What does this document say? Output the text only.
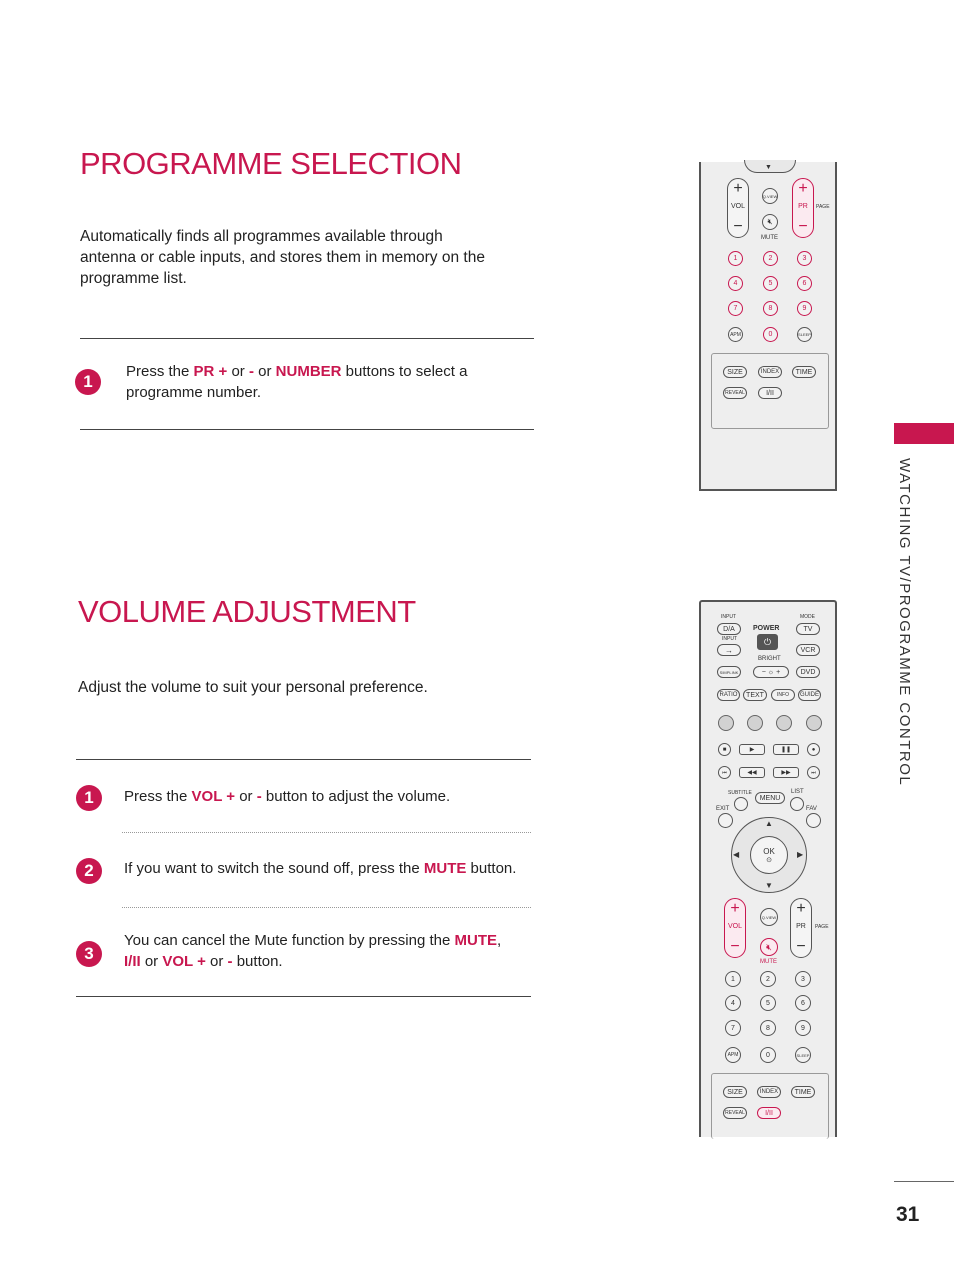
PROGRAMME SELECTION
Automatically finds all programmes available through antenna or cable inputs, and stores them in memory on the programme list.
1
Press the PR + or - or NUMBER buttons to select a programme number.
VOLUME ADJUSTMENT
Adjust the volume to suit your personal preference.
1	Press the VOL + or - button to adjust the volume.
2	If you want to switch the sound off, press the MUTE button.
3
You can cancel the Mute function by pressing the MUTE,
I/II or VOL + or - button.
WATCHING TV/PROGRAMME CONTROL
31
▼
+
VOL
−
Q.VIEW
🔇︎
MUTE
+
PR
−
PAGE
1	2	3
4	5	6
7	8	9
APM	0	SLEEP
SIZE	INDEX	TIME
REVEAL	I/II
INPUT	MODE
D/A	POWER
⏻
TV
INPUT
→	VCR
BRIGHT
SIMPLINK	− ☼ +	DVD
RATIO	TEXT	INFO	GUIDE
■	▶	❚❚	●
⏮	◀◀	▶▶	⏭
SUBTITLE
MENU
LIST
EXIT	FAV
▲
▼
◀	▶
OK
⊙
+
VOL
−
Q.VIEW
🔇︎
MUTE
+
PR
−
PAGE
1	2	3
4	5	6
7	8	9
APM	0	SLEEP
SIZE	INDEX	TIME
REVEAL	I/II
